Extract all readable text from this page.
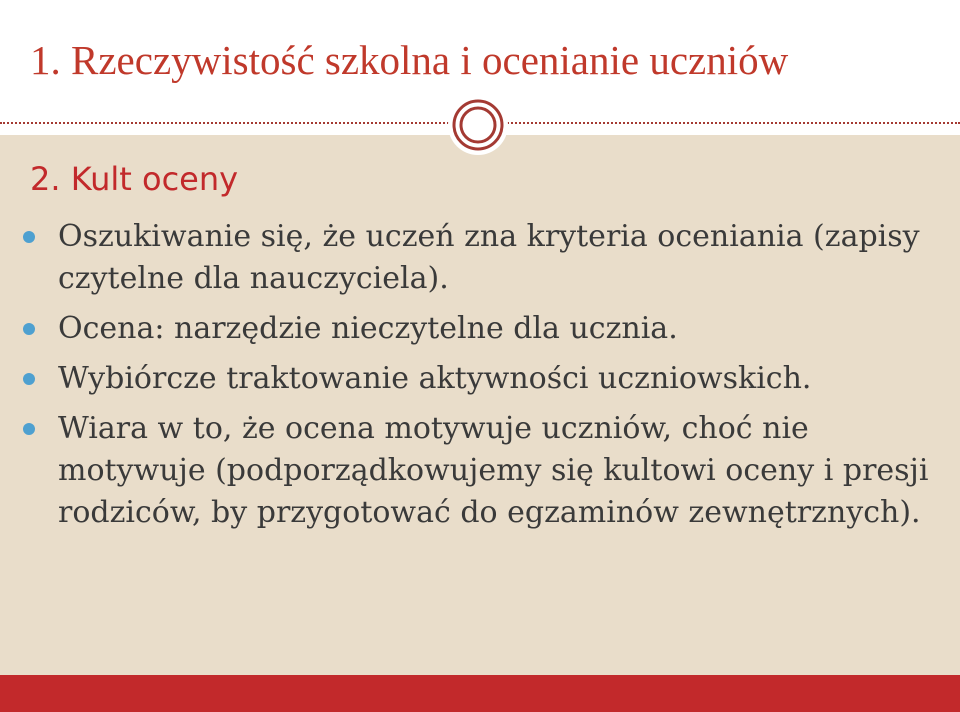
1. Rzeczywistość szkolna i ocenianie uczniów
2. Kult oceny
Oszukiwanie się, że uczeń zna kryteria oceniania (zapisy czytelne dla nauczyciela).
Ocena: narzędzie nieczytelne dla ucznia.
Wybiórcze traktowanie aktywności uczniowskich.
Wiara w to, że ocena motywuje uczniów, choć nie motywuje (podporządkowujemy się kultowi oceny i presji rodziców, by przygotować do egzaminów zewnętrznych).
